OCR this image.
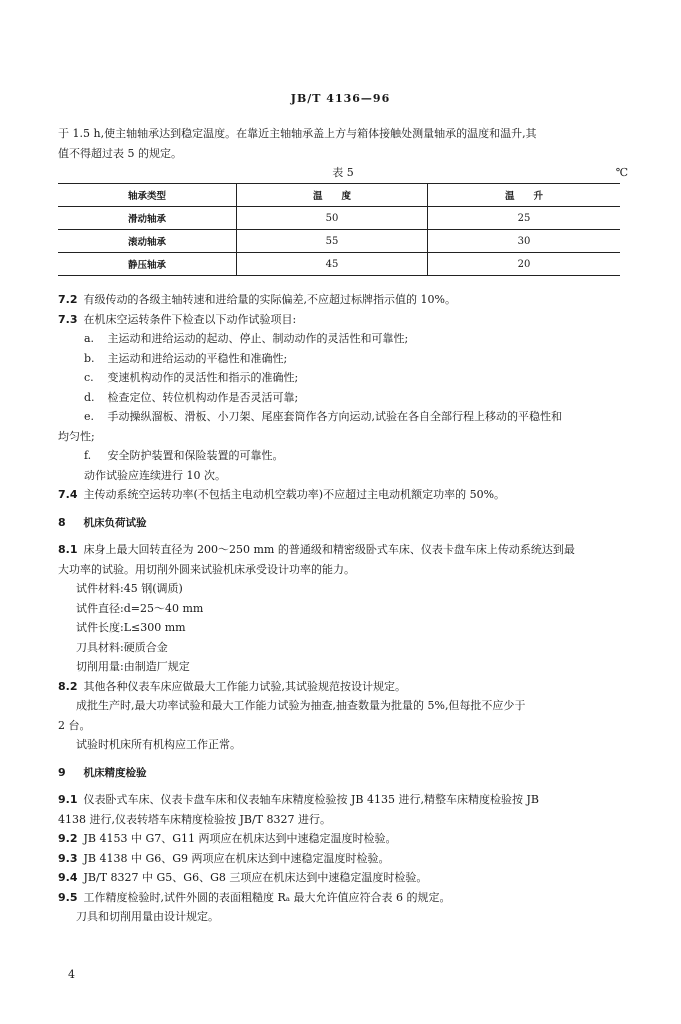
JB/T 4136—96
于 1.5 h,使主轴轴承达到稳定温度。在靠近主轴轴承盖上方与箱体接触处测量轴承的温度和温升,其
值不得超过表 5 的规定。
表 5	℃
轴承类型	温　　度	温　　升
滑动轴承	50	25
滚动轴承	55	30
静压轴承	45	20
7.2 有级传动的各级主轴转速和进给量的实际偏差,不应超过标牌指示值的 10%。
7.3 在机床空运转条件下检查以下动作试验项目:
a. 主运动和进给运动的起动、停止、制动动作的灵活性和可靠性;
b. 主运动和进给运动的平稳性和准确性;
c. 变速机构动作的灵活性和指示的准确性;
d. 检查定位、转位机构动作是否灵活可靠;
e. 手动操纵溜板、滑板、小刀架、尾座套筒作各方向运动,试验在各自全部行程上移动的平稳性和
均匀性;
f. 安全防护装置和保险装置的可靠性。
动作试验应连续进行 10 次。
7.4 主传动系统空运转功率(不包括主电动机空载功率)不应超过主电动机额定功率的 50%。
8 机床负荷试验
8.1 床身上最大回转直径为 200～250 mm 的普通级和精密级卧式车床、仪表卡盘车床上传动系统达到最
大功率的试验。用切削外圆来试验机床承受设计功率的能力。
试件材料:45 钢(调质)
试件直径:d=25～40 mm
试件长度:L≤300 mm
刀具材料:硬质合金
切削用量:由制造厂规定
8.2 其他各种仪表车床应做最大工作能力试验,其试验规范按设计规定。
成批生产时,最大功率试验和最大工作能力试验为抽查,抽查数量为批量的 5%,但每批不应少于
2 台。
试验时机床所有机构应工作正常。
9 机床精度检验
9.1 仪表卧式车床、仪表卡盘车床和仪表轴车床精度检验按 JB 4135 进行,精整车床精度检验按 JB
4138 进行,仪表转塔车床精度检验按 JB/T 8327 进行。
9.2 JB 4153 中 G7、G11 两项应在机床达到中速稳定温度时检验。
9.3 JB 4138 中 G6、G9 两项应在机床达到中速稳定温度时检验。
9.4 JB/T 8327 中 G5、G6、G8 三项应在机床达到中速稳定温度时检验。
9.5 工作精度检验时,试件外圆的表面粗糙度 Rₐ 最大允许值应符合表 6 的规定。
刀具和切削用量由设计规定。
4
